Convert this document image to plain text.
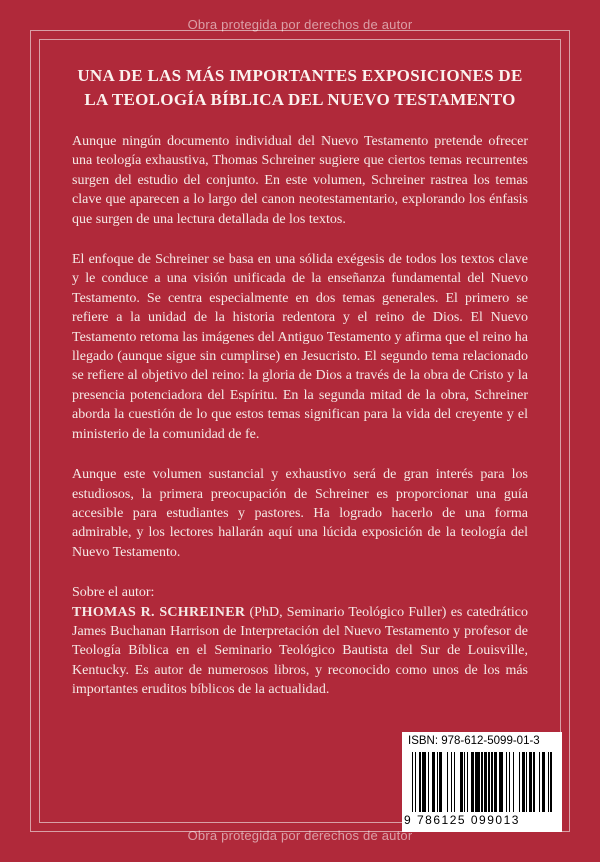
Obra protegida por derechos de autor
UNA DE LAS MÁS IMPORTANTES EXPOSICIONES DE
LA TEOLOGÍA BÍBLICA DEL NUEVO TESTAMENTO

Aunque ningún documento individual del Nuevo Testamento pretende ofrecer una teología exhaustiva, Thomas Schreiner sugiere que ciertos temas recurrentes surgen del estudio del conjunto. En este volumen, Schreiner rastrea los temas clave que aparecen a lo largo del canon neotestamentario, explorando los énfasis que surgen de una lectura detallada de los textos.

El enfoque de Schreiner se basa en una sólida exégesis de todos los textos clave y le conduce a una visión unificada de la enseñanza fundamental del Nuevo Testamento. Se centra especialmente en dos temas generales. El primero se refiere a la unidad de la historia redentora y el reino de Dios. El Nuevo Testamento retoma las imágenes del Antiguo Testamento y afirma que el reino ha llegado (aunque sigue sin cumplirse) en Jesucristo. El segundo tema relacionado se refiere al objetivo del reino: la gloria de Dios a través de la obra de Cristo y la presencia potenciadora del Espíritu. En la segunda mitad de la obra, Schreiner aborda la cuestión de lo que estos temas significan para la vida del creyente y el ministerio de la comunidad de fe.

Aunque este volumen sustancial y exhaustivo será de gran interés para los estudiosos, la primera preocupación de Schreiner es proporcionar una guía accesible para estudiantes y pastores. Ha logrado hacerlo de una forma admirable, y los lectores hallarán aquí una lúcida exposición de la teología del Nuevo Testamento.

Sobre el autor:

THOMAS R. SCHREINER (PhD, Seminario Teológico Fuller) es catedrático James Buchanan Harrison de Interpretación del Nuevo Testamento y profesor de Teología Bíblica en el Seminario Teológico Bautista del Sur de Louisville, Kentucky. Es autor de numerosos libros, y reconocido como unos de los más importantes eruditos bíblicos de la actualidad.

ISBN: 978-612-5099-01-3
9 786125 099013
Obra protegida por derechos de autor
